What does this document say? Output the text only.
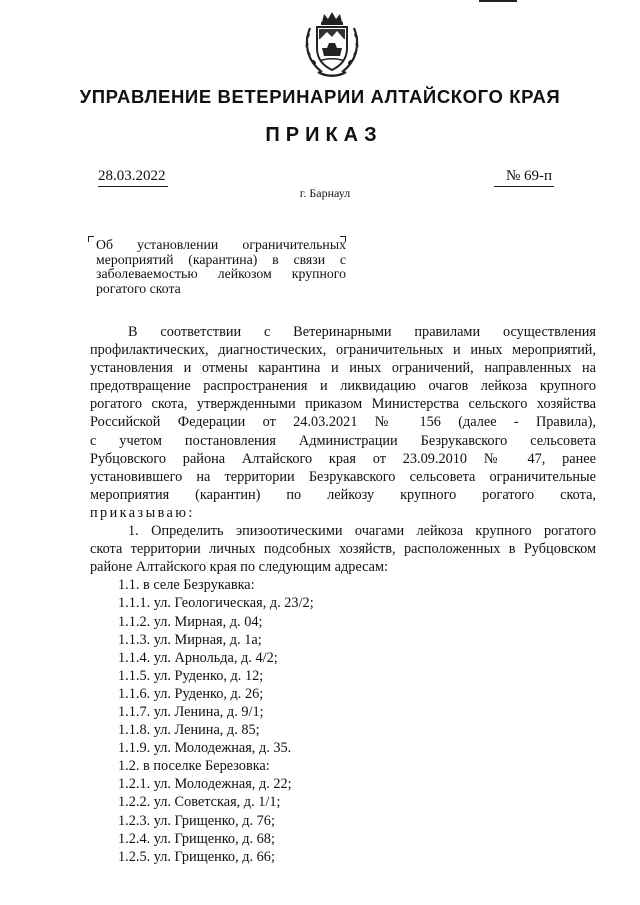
УПРАВЛЕНИЕ ВЕТЕРИНАРИИ АЛТАЙСКОГО КРАЯ
ПРИКАЗ
28.03.2022	№ 69-п
г. Барнаул
Об установлении ограничительных
мероприятий (карантина) в связи с
заболеваемостью лейкозом крупного
рогатого скота
В соответствии с Ветеринарными правилами осуществления
профилактических, диагностических, ограничительных и иных мероприятий,
установления и отмены карантина и иных ограничений, направленных на
предотвращение распространения и ликвидацию очагов лейкоза крупного
рогатого скота, утвержденными приказом Министерства сельского хозяйства
Российской Федерации от 24.03.2021 № 156 (далее - Правила),
с учетом постановления Администрации Безрукавского сельсовета
Рубцовского района Алтайского края от 23.09.2010 № 47, ранее
установившего на территории Безрукавского сельсовета ограничительные
мероприятия (карантин) по лейкозу крупного рогатого скота,
приказываю:
1. Определить эпизоотическими очагами лейкоза крупного рогатого
скота территории личных подсобных хозяйств, расположенных в Рубцовском
районе Алтайского края по следующим адресам:
1.1. в селе Безрукавка:
1.1.1. ул. Геологическая, д. 23/2;
1.1.2. ул. Мирная, д. 04;
1.1.3. ул. Мирная, д. 1а;
1.1.4. ул. Арнольда, д. 4/2;
1.1.5. ул. Руденко, д. 12;
1.1.6. ул. Руденко, д. 26;
1.1.7. ул. Ленина, д. 9/1;
1.1.8. ул. Ленина, д. 85;
1.1.9. ул. Молодежная, д. 35.
1.2. в поселке Березовка:
1.2.1. ул. Молодежная, д. 22;
1.2.2. ул. Советская, д. 1/1;
1.2.3. ул. Грищенко, д. 76;
1.2.4. ул. Грищенко, д. 68;
1.2.5. ул. Грищенко, д. 66;
